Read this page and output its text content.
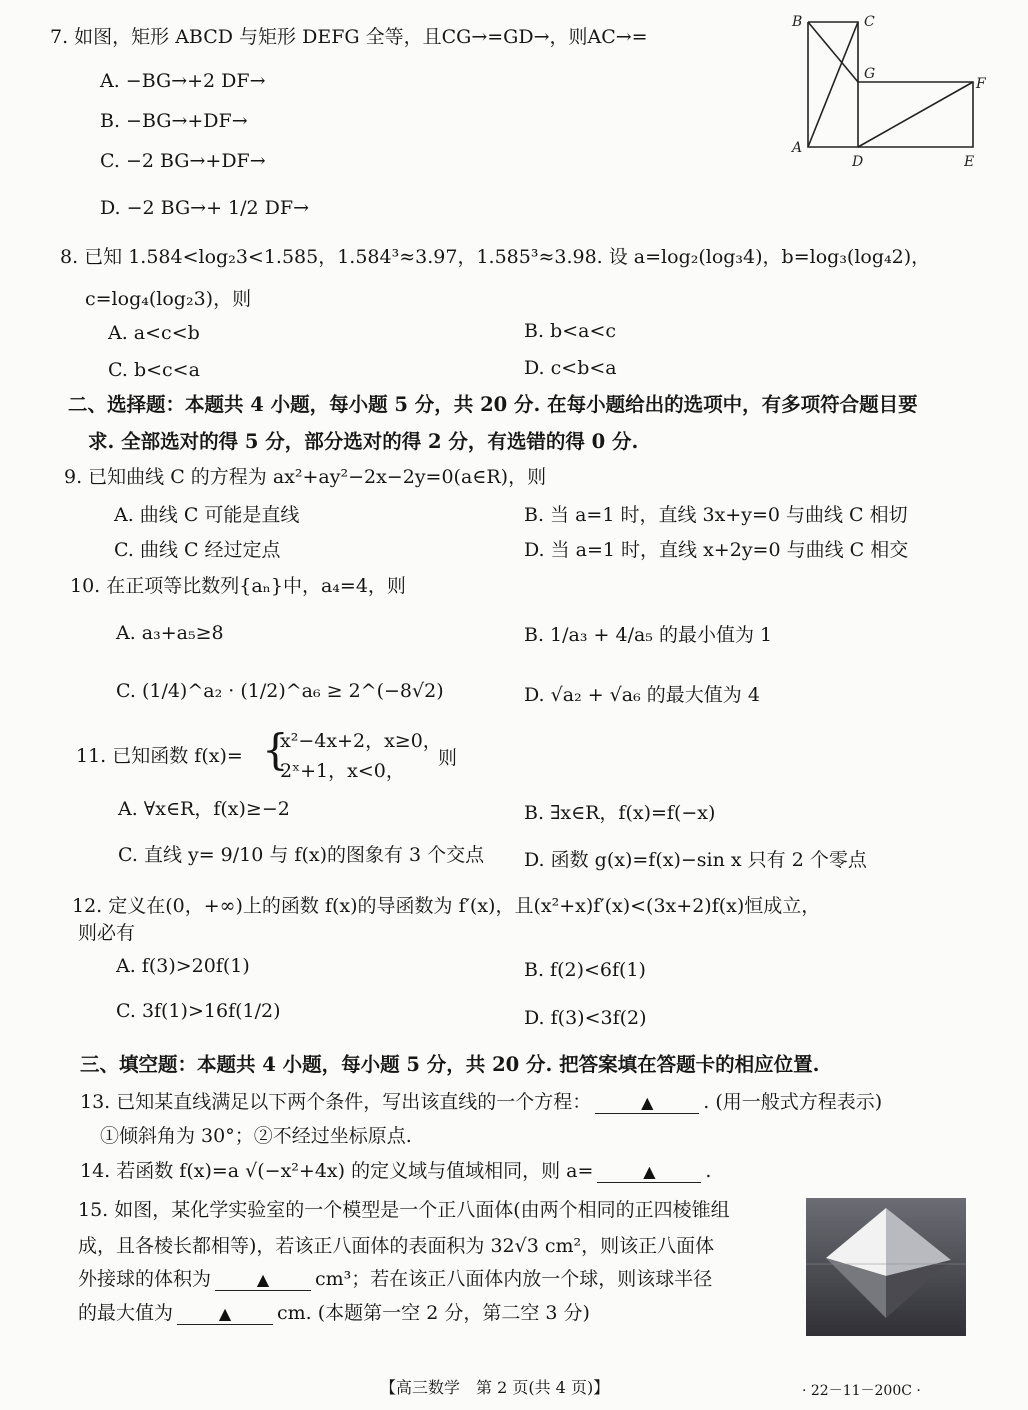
7. 如图，矩形 ABCD 与矩形 DEFG 全等，且CG→=GD→，则AC→=
A. −BG→+2 DF→
B. −BG→+DF→
C. −2 BG→+DF→
D. −2 BG→+ 1/2 DF→
B	C
G
F
A
D	E
8. 已知 1.584<log₂3<1.585，1.584³≈3.97，1.585³≈3.98. 设 a=log₂(log₃4)，b=log₃(log₄2)，
c=log₄(log₂3)，则
A. a<c<b	B. b<a<c
C. b<c<a	D. c<b<a
二、选择题：本题共 4 小题，每小题 5 分，共 20 分. 在每小题给出的选项中，有多项符合题目要
求. 全部选对的得 5 分，部分选对的得 2 分，有选错的得 0 分.
9. 已知曲线 C 的方程为 ax²+ay²−2x−2y=0(a∈R)，则
A. 曲线 C 可能是直线	B. 当 a=1 时，直线 3x+y=0 与曲线 C 相切
C. 曲线 C 经过定点	D. 当 a=1 时，直线 x+2y=0 与曲线 C 相交
10. 在正项等比数列{aₙ}中，a₄=4，则
A. a₃+a₅≥8	B. 1/a₃ + 4/a₅ 的最小值为 1
C. (1/4)^a₂ · (1/2)^a₆ ≥ 2^(−8√2)	D. √a₂ + √a₆ 的最大值为 4
11. 已知函数 f(x)= {
x²−4x+2，x≥0，
2ˣ+1，x<0，
则
A. ∀x∈R，f(x)≥−2	B. ∃x∈R，f(x)=f(−x)
C. 直线 y= 9/10 与 f(x)的图象有 3 个交点 D. 函数 g(x)=f(x)−sin x 只有 2 个零点
12. 定义在(0，+∞)上的函数 f(x)的导函数为 f′(x)，且(x²+x)f′(x)<(3x+2)f(x)恒成立，
则必有
A. f(3)>20f(1)	B. f(2)<6f(1)
C. 3f(1)>16f(1/2)	D. f(3)<3f(2)
三、填空题：本题共 4 小题，每小题 5 分，共 20 分. 把答案填在答题卡的相应位置.
13. 已知某直线满足以下两个条件，写出该直线的一个方程：	▲	. (用一般式方程表示)
①倾斜角为 30°；②不经过坐标原点.
14. 若函数 f(x)=a √(−x²+4x) 的定义域与值域相同，则 a=	▲	.
15. 如图，某化学实验室的一个模型是一个正八面体(由两个相同的正四棱锥组
成，且各棱长都相等)，若该正八面体的表面积为 32√3 cm²，则该正八面体
外接球的体积为	▲ cm³；若在该正八面体内放一个球，则该球半径
的最大值为	▲ cm. (本题第一空 2 分，第二空 3 分)
【高三数学　第 2 页(共 4 页)】	· 22－11－200C ·
